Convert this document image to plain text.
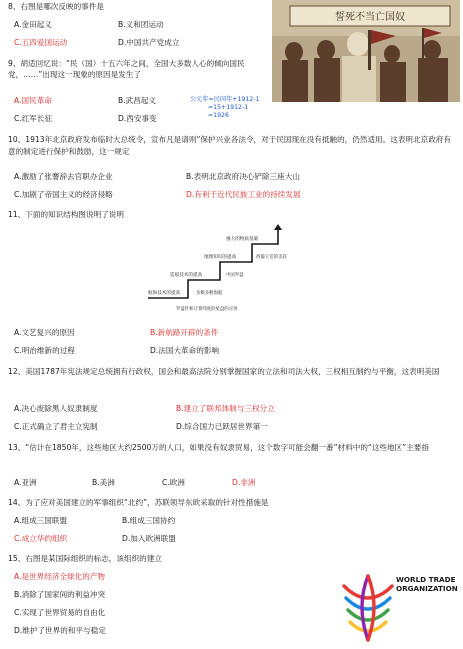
8、右图是哪次反映的事件是
A.金田起义	B.义和团运动
C.五四爱国运动	D.中国共产党成立
誓死不当亡国奴
9、胡适回忆说：“民（国）十五六年之间，全国大多数人心的倾向国民党，……”出现这一现象的原因是发生了
A.国民革命	B.武昌起义
C.红军长征	D.西安事变
公元年=民国年+1912-1
=15+1912-1
=1926
10、1913年北京政府发布临时大总统令，宣布凡是请则“保护兴业各法令，对于民国现在没有抵触的，仍然适用。这表明北京政府有意的制定进行保护和鼓励，这一规定
A.激励了张謇辞去官职办企业	B.表明北京政府决心铲除三座大山
C.加剧了帝国主义的经济侵略	D.有利于近代民族工业的持续发展
11、下面的知识结构图说明了说明
航海技术的提高
造船技术的提高
地理知识的提高
强大的物质基础
多桅多帆海船
中国罗盘
西葡王室的支持
罗盘针和计算纬度的星盘的应用
A.文艺复兴的原因	B.新航路开辟的条件
C.明治维新的过程	D.法国大革命的影响
12、美国1787年宪法规定总统拥有行政权，国会和最高法院分别掌握国家的立法和司法大权，三权相互制约与平衡，这表明美国
A.决心废除黑人奴隶制度	B.建立了联邦体制与三权分立
C.正式确立了君主立宪制	D.综合国力已跃居世界第一
13、“估计在1850年，这些地区大约2500万的人口，如果没有奴隶贸易，这个数字可能会翻一番”材料中的“这些地区”主要指
A.亚洲	B.美洲	C.欧洲	D.非洲
14、为了应对美国建立的军事组织“北约”，苏联领导东欧采取的针对性措施是
A.组成三国联盟	B.组成三国协约
C.成立华约组织	D.加入欧洲联盟
15、右图是某国际组织的标志，该组织的建立
A.是世界经济全球化的产物
B.消除了国家间的利益冲突
C.实现了世界贸易的自由化
D.维护了世界的和平与稳定
WORLD TRADE
ORGANIZATION
